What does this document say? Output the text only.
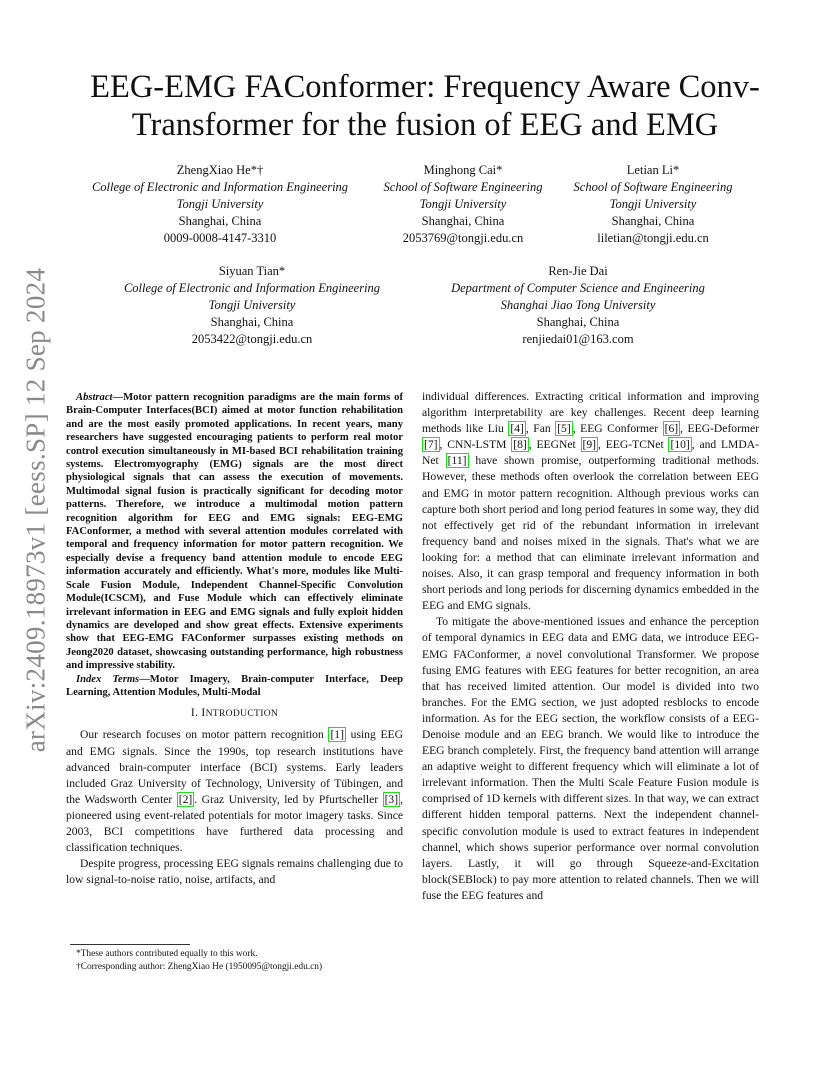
arXiv:2409.18973v1 [eess.SP] 12 Sep 2024
EEG-EMG FAConformer: Frequency Aware Conv-Transformer for the fusion of EEG and EMG
ZhengXiao He*†
College of Electronic and Information Engineering
Tongji University
Shanghai, China
0009-0008-4147-3310
Minghong Cai*
School of Software Engineering
Tongji University
Shanghai, China
2053769@tongji.edu.cn
Letian Li*
School of Software Engineering
Tongji University
Shanghai, China
liletian@tongji.edu.cn
Siyuan Tian*
College of Electronic and Information Engineering
Tongji University
Shanghai, China
2053422@tongji.edu.cn
Ren-Jie Dai
Department of Computer Science and Engineering
Shanghai Jiao Tong University
Shanghai, China
renjiedai01@163.com

Abstract—Motor pattern recognition paradigms are the main forms of Brain-Computer Interfaces(BCI) aimed at motor function rehabilitation and are the most easily promoted applications. In recent years, many researchers have suggested encouraging patients to perform real motor control execution simultaneously in MI-based BCI rehabilitation training systems. Electromyography (EMG) signals are the most direct physiological signals that can assess the execution of movements. Multimodal signal fusion is practically significant for decoding motor patterns. Therefore, we introduce a multimodal motion pattern recognition algorithm for EEG and EMG signals: EEG-EMG FAConformer, a method with several attention modules correlated with temporal and frequency information for motor pattern recognition. We especially devise a frequency band attention module to encode EEG information accurately and efficiently. What's more, modules like Multi-Scale Fusion Module, Independent Channel-Specific Convolution Module(ICSCM), and Fuse Module which can effectively eliminate irrelevant information in EEG and EMG signals and fully exploit hidden dynamics are developed and show great effects. Extensive experiments show that EEG-EMG FAConformer surpasses existing methods on Jeong2020 dataset, showcasing outstanding performance, high robustness and impressive stability.

Index Terms—Motor Imagery, Brain-computer Interface, Deep Learning, Attention Modules, Multi-Modal

I. INTRODUCTION

Our research focuses on motor pattern recognition [1] using EEG and EMG signals. Since the 1990s, top research institutions have advanced brain-computer interface (BCI) systems. Early leaders included Graz University of Technology, University of Tübingen, and the Wadsworth Center [2] . Graz University, led by Pfurtscheller [3] , pioneered using event-related potentials for motor imagery tasks. Since 2003, BCI competitions have furthered data processing and classification techniques.

Despite progress, processing EEG signals remains challenging due to low signal-to-noise ratio, noise, artifacts, and

individual differences. Extracting critical information and improving algorithm interpretability are key challenges. Recent deep learning methods like Liu [4] , Fan [5] , EEG Conformer [6] , EEG-Deformer [7] , CNN-LSTM [8] , EEGNet [9] , EEG-TCNet [10] , and LMDA-Net [11] have shown promise, outperforming traditional methods. However, these methods often overlook the correlation between EEG and EMG in motor pattern recognition. Although previous works can capture both short period and long period features in some way, they did not effectively get rid of the rebundant information in irrelevant frequency band and noises mixed in the signals. That's what we are looking for: a method that can eliminate irrelevant information and noises. Also, it can grasp temporal and frequency information in both short periods and long periods for discerning dynamics embedded in the EEG and EMG signals.

To mitigate the above-mentioned issues and enhance the perception of temporal dynamics in EEG data and EMG data, we introduce EEG-EMG FAConformer, a novel convolutional Transformer. We propose fusing EMG features with EEG features for better recognition, an area that has received limited attention. Our model is divided into two branches. For the EMG section, we just adopted resblocks to encode information. As for the EEG section, the workflow consists of a EEG-Denoise module and an EEG branch. We would like to introduce the EEG branch completely. First, the frequency band attention will arrange an adaptive weight to different frequency which will eliminate a lot of irrelevant information. Then the Multi Scale Feature Fusion module is comprised of 1D kernels with different sizes. In that way, we can extract different hidden temporal patterns. Next the independent channel-specific convolution module is used to extract features in independent channel, which shows superior performance over normal convolution layers. Lastly, it will go through Squeeze-and-Excitation block(SEBlock) to pay more attention to related channels. Then we will fuse the EEG features and

*These authors contributed equally to this work.

†Corresponding author: ZhengXiao He (1950095@tongji.edu.cn)
